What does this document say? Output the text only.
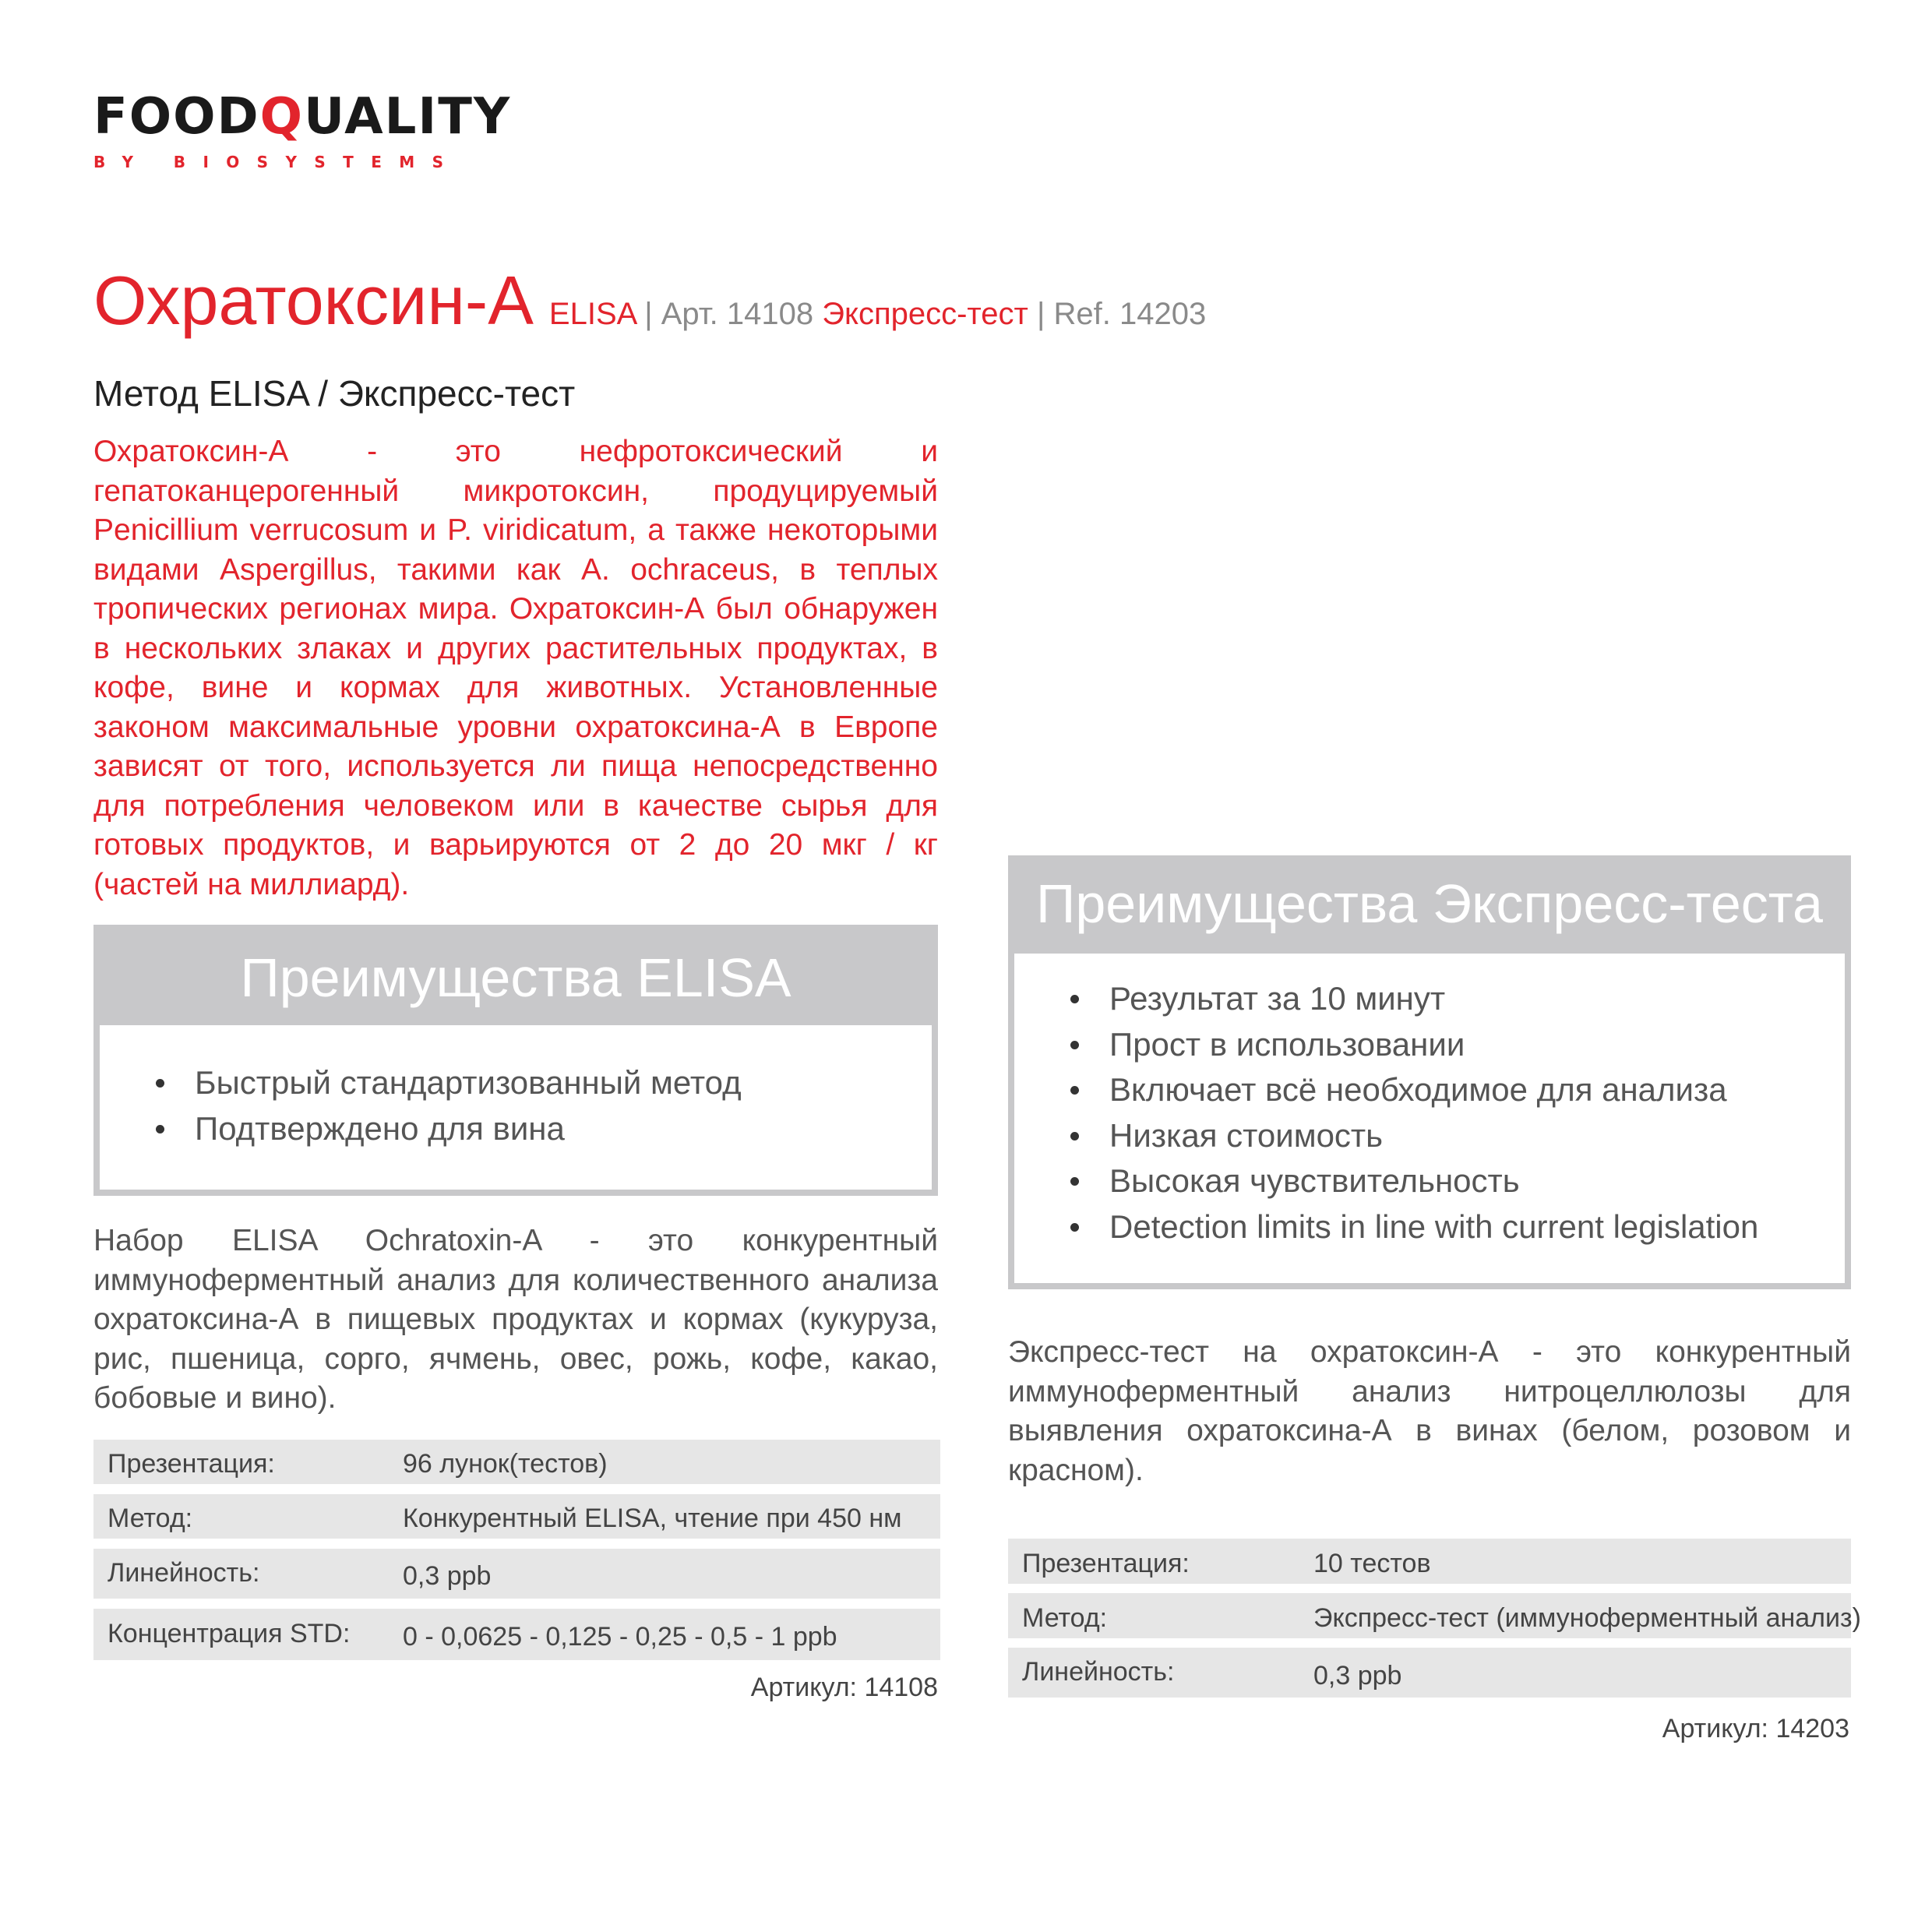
FOODQUALITY
BY BIOSYSTEMS
Охратоксин-А ELISA | Арт. 14108 Экспресс-тест | Ref. 14203
Метод ELISA / Экспресс-тест
Охратоксин-А - это нефротоксический и гепатоканцерогенный микротоксин, продуцируемый Penicillium verrucosum и P. viridicatum, а также некоторыми видами Aspergillus, такими как A. ochraceus, в теплых тропических регионах мира. Охратоксин-А был обнаружен в нескольких злаках и других растительных продуктах, в кофе, вине и кормах для животных. Установленные законом максимальные уровни охратоксина-А в Европе зависят от того, используется ли пища непосредственно для потребления человеком или в качестве сырья для готовых продуктов, и варьируются от 2 до 20 мкг / кг (частей на миллиард).
Преимущества ELISA
Быстрый стандартизованный метод
Подтверждено для вина
Набор ELISA Ochratoxin-A - это конкурентный иммуноферментный анализ для количественного анализа охратоксина-А в пищевых продуктах и кормах (кукуруза, рис, пшеница, сорго, ячмень, овес, рожь, кофе, какао, бобовые и вино).
Презентация:	96 лунок(тестов)
Метод:	Конкурентный ELISA, чтение при 450 нм
Линейность:	0,3 ppb
Концентрация STD: 0 - 0,0625 - 0,125 - 0,25 - 0,5 - 1 ppb
Артикул: 14108
Преимущества Экспресс-теста
Результат за 10 минут
Прост в использовании
Включает всё необходимое для анализа
Низкая стоимость
Высокая чувствительность
Detection limits in line with current legislation
Экспресс-тест на охратоксин-А - это конкурентный иммуноферментный анализ нитроцеллюлозы для выявления охратоксина-А в винах (белом, розовом и красном).
Презентация:	10 тестов
Метод:	Экспресс-тест (иммуноферментный анализ)
Линейность:	0,3 ppb
Артикул: 14203
